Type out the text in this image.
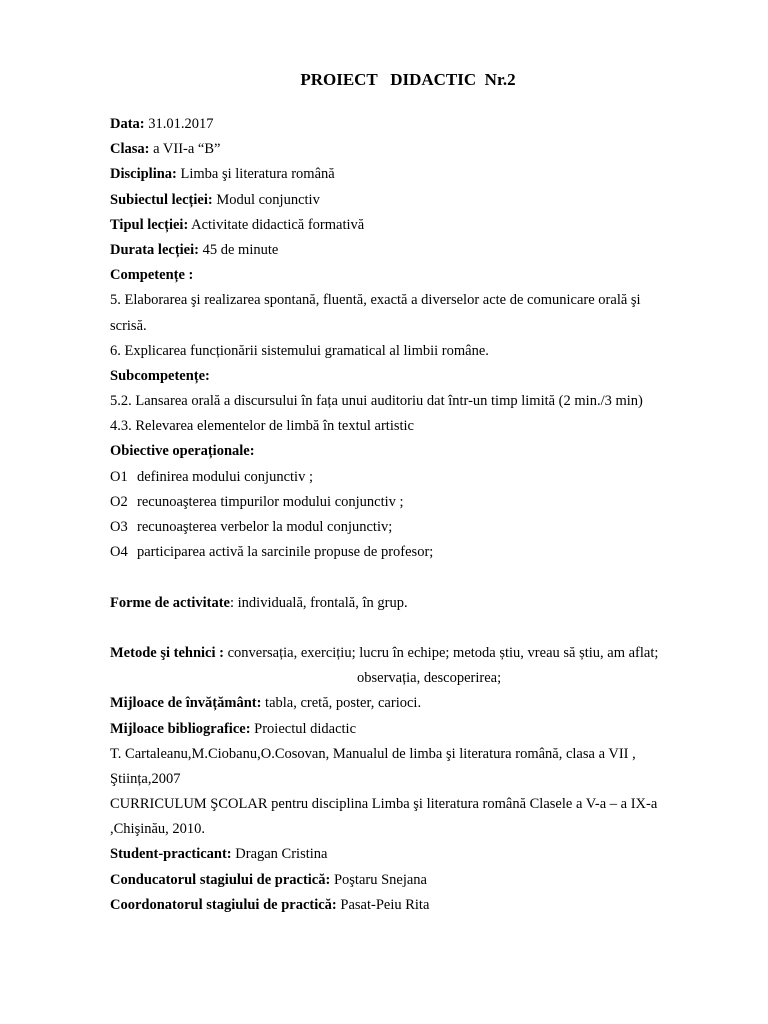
PROIECT   DIDACTIC  Nr.2
Data: 31.01.2017
Clasa: a VII-a “B”
Disciplina: Limba şi literatura română
Subiectul lecției: Modul conjunctiv
Tipul lecției: Activitate didactică formativă
Durata lecției: 45 de minute
Competențe :
5. Elaborarea şi realizarea spontană, fluentă, exactă a diverselor acte de comunicare orală şi
scrisă.
6. Explicarea funcționării sistemului gramatical al limbii române.
Subcompetențe:
5.2. Lansarea orală a discursului în fața unui auditoriu dat într-un timp limită (2 min./3 min)
4.3. Relevarea elementelor de limbă în textul artistic
Obiective operaționale:
O1 definirea modului conjunctiv ;
O2 recunoaşterea timpurilor modului conjunctiv ;
O3 recunoaşterea verbelor la modul conjunctiv;
O4 participarea activă la sarcinile propuse de profesor;
Forme de activitate: individuală, frontală, în grup.
Metode şi tehnici : conversația, exercițiu; lucru în echipe; metoda știu, vreau să știu, am aflat;
observația, descoperirea;
Mijloace de învățământ: tabla, cretă, poster, carioci.
Mijloace bibliografice: Proiectul didactic
T. Cartaleanu,M.Ciobanu,O.Cosovan, Manualul de limba şi literatura română, clasa a VII ,
Ştiința,2007
CURRICULUM ŞCOLAR pentru disciplina Limba şi literatura română Clasele a V-a – a IX-a
,Chişinău, 2010.
Student-practicant: Dragan Cristina
Conducatorul stagiului de practică: Poştaru Snejana
Coordonatorul stagiului de practică: Pasat-Peiu Rita
